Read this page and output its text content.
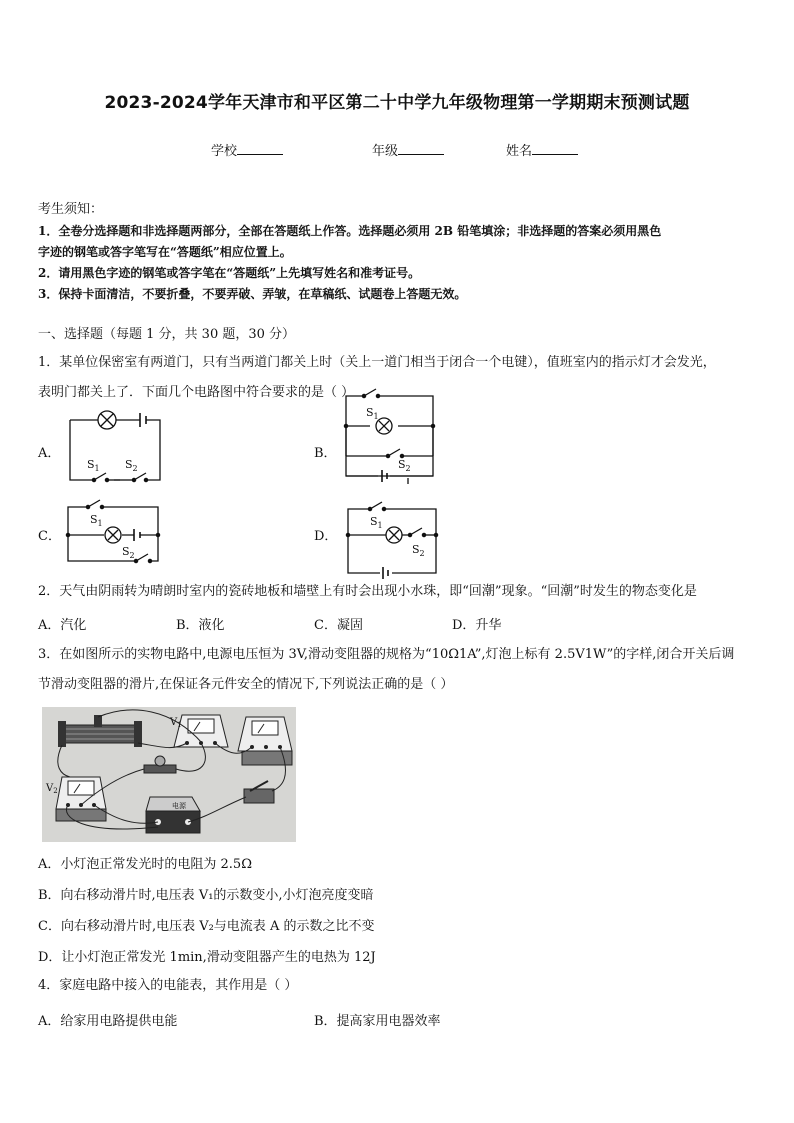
2023-2024学年天津市和平区第二十中学九年级物理第一学期期末预测试题
学校	年级	姓名
考生须知：
1．全卷分选择题和非选择题两部分，全部在答题纸上作答。选择题必须用 2B 铅笔填涂；非选择题的答案必须用黑色
字迹的钢笔或答字笔写在“答题纸”相应位置上。
2．请用黑色字迹的钢笔或答字笔在“答题纸”上先填写姓名和准考证号。
3．保持卡面清洁，不要折叠，不要弄破、弄皱，在草稿纸、试题卷上答题无效。
一、选择题（每题 1 分，共 30 题，30 分）
1．某单位保密室有两道门，只有当两道门都关上时（关上一道门相当于闭合一个电键），值班室内的指示灯才会发光，
表明门都关上了．下面几个电路图中符合要求的是（ ）
A．	B．
C．	D．
$S_1$ $S_2$
$S_1$
$S_2$
$S_1$
$S_2$
$S_1$
$S_2$
2．天气由阴雨转为晴朗时室内的瓷砖地板和墙壁上有时会出现小水珠，即“回潮”现象。“回潮”时发生的物态变化是
A．汽化	B．液化	C．凝固	D．升华
3．在如图所示的实物电路中,电源电压恒为 3V,滑动变阻器的规格为“10Ω1A”,灯泡上标有 2.5V1W”的字样,闭合开关后调
节滑动变阻器的滑片,在保证各元件安全的情况下,下列说法正确的是（ ）
$V_1$
$V_2$
电源
A．小灯泡正常发光时的电阻为 2.5Ω
B．向右移动滑片时,电压表 V₁的示数变小,小灯泡亮度变暗
C．向右移动滑片时,电压表 V₂与电流表 A 的示数之比不变
D．让小灯泡正常发光 1min,滑动变阻器产生的电热为 12J
4．家庭电路中接入的电能表，其作用是（ ）
A．给家用电路提供电能	B．提高家用电器效率
